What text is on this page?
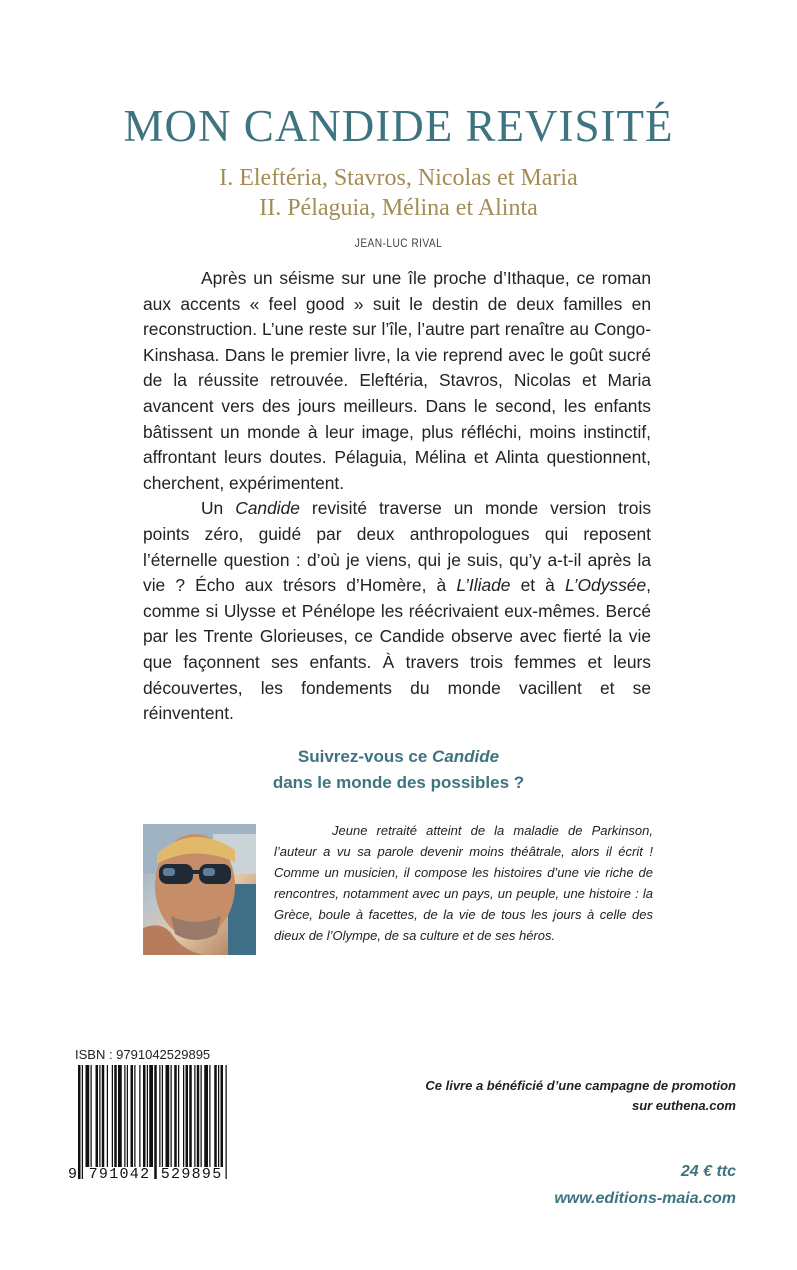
MON CANDIDE REVISITÉ

I. Eleftéria, Stavros, Nicolas et Maria

II. Pélaguia, Mélina et Alinta

JEAN-LUC RIVAL

Après un séisme sur une île proche d’Ithaque, ce roman aux accents « feel good » suit le destin de deux familles en reconstruction. L’une reste sur l’île, l’autre part renaître au Congo-Kinshasa. Dans le premier livre, la vie reprend avec le goût sucré de la réussite retrouvée. Eleftéria, Stavros, Nicolas et Maria avancent vers des jours meilleurs. Dans le second, les enfants bâtissent un monde à leur image, plus réfléchi, moins instinctif, affrontant leurs doutes. Pélaguia, Mélina et Alinta questionnent, cherchent, expérimentent.

Un Candide revisité traverse un monde version trois points zéro, guidé par deux anthropologues qui reposent l’éternelle question : d’où je viens, qui je suis, qu’y a-t-il après la vie ? Écho aux trésors d’Homère, à L’Iliade et à L’Odyssée, comme si Ulysse et Pénélope les réécrivaient eux-mêmes. Bercé par les Trente Glorieuses, ce Candide observe avec fierté la vie que façonnent ses enfants. À travers trois femmes et leurs découvertes, les fondements du monde vacillent et se réinventent.

Suivrez-vous ce Candide
dans le monde des possibles ?

Jeune retraité atteint de la maladie de Parkinson, l’auteur a vu sa parole devenir moins théâtrale, alors il écrit ! Comme un musicien, il compose les histoires d’une vie riche de rencontres, notamment avec un pays, un peuple, une histoire : la Grèce, boule à facettes, de la vie de tous les jours à celle des dieux de l’Olympe, de sa culture et de ses héros.

ISBN : 9791042529895
9 791042 529895
Ce livre a bénéficié d’une campagne de promotion
sur euthena.com
24 € ttc
www.editions-maia.com
